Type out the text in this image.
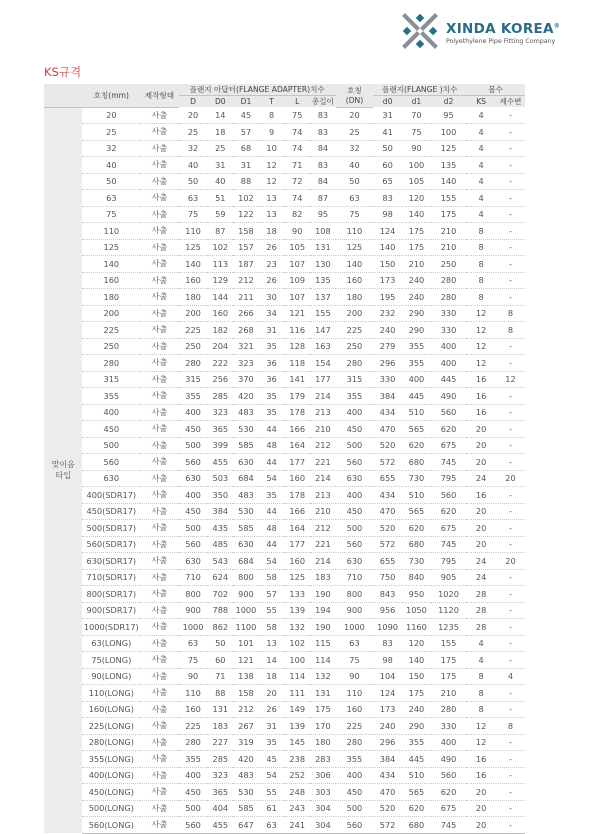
XINDA KOREA®
Polyethylene Pipe Fitting Company
KS규격
	호칭(mm)	제작형태	플랜지 아답터(FLANGE ADAPTER)치수						호칭
(DN)	플랜지(FLANGE )치수			볼수	
			D	D0	D1	T	L	총길이		d0	d1	d2	KS	제수변
맞이음
타입	20	사출	20	14	45	8	75	83	20	31	70	95	4	-
	25	사출	25	18	57	9	74	83	25	41	75	100	4	-
	32	사출	32	25	68	10	74	84	32	50	90	125	4	-
	40	사출	40	31	31	12	71	83	40	60	100	135	4	-
	50	사출	50	40	88	12	72	84	50	65	105	140	4	-
	63	사출	63	51	102	13	74	87	63	83	120	155	4	-
	75	사출	75	59	122	13	82	95	75	98	140	175	4	-
	110	사출	110	87	158	18	90	108	110	124	175	210	8	-
	125	사출	125	102	157	26	105	131	125	140	175	210	8	-
	140	사출	140	113	187	23	107	130	140	150	210	250	8	-
	160	사출	160	129	212	26	109	135	160	173	240	280	8	-
	180	사출	180	144	211	30	107	137	180	195	240	280	8	-
	200	사출	200	160	266	34	121	155	200	232	290	330	12	8
	225	사출	225	182	268	31	116	147	225	240	290	330	12	8
	250	사출	250	204	321	35	128	163	250	279	355	400	12	-
	280	사출	280	222	323	36	118	154	280	296	355	400	12	-
	315	사출	315	256	370	36	141	177	315	330	400	445	16	12
	355	사출	355	285	420	35	179	214	355	384	445	490	16	-
	400	사출	400	323	483	35	178	213	400	434	510	560	16	-
	450	사출	450	365	530	44	166	210	450	470	565	620	20	-
	500	사출	500	399	585	48	164	212	500	520	620	675	20	-
	560	사출	560	455	630	44	177	221	560	572	680	745	20	-
	630	사출	630	503	684	54	160	214	630	655	730	795	24	20
	400(SDR17)	사출	400	350	483	35	178	213	400	434	510	560	16	-
	450(SDR17)	사출	450	384	530	44	166	210	450	470	565	620	20	-
	500(SDR17)	사출	500	435	585	48	164	212	500	520	620	675	20	-
	560(SDR17)	사출	560	485	630	44	177	221	560	572	680	745	20	-
	630(SDR17)	사출	630	543	684	54	160	214	630	655	730	795	24	20
	710(SDR17)	사출	710	624	800	58	125	183	710	750	840	905	24	-
	800(SDR17)	사출	800	702	900	57	133	190	800	843	950	1020	28	-
	900(SDR17)	사출	900	788	1000	55	139	194	900	956	1050	1120	28	-
	1000(SDR17)	사출	1000	862	1100	58	132	190	1000	1090	1160	1235	28	-
	63(LONG)	사출	63	50	101	13	102	115	63	83	120	155	4	-
	75(LONG)	사출	75	60	121	14	100	114	75	98	140	175	4	-
	90(LONG)	사출	90	71	138	18	114	132	90	104	150	175	8	4
	110(LONG)	사출	110	88	158	20	111	131	110	124	175	210	8	-
	160(LONG)	사출	160	131	212	26	149	175	160	173	240	280	8	-
	225(LONG)	사출	225	183	267	31	139	170	225	240	290	330	12	8
	280(LONG)	사출	280	227	319	35	145	180	280	296	355	400	12	-
	355(LONG)	사출	355	285	420	45	238	283	355	384	445	490	16	-
	400(LONG)	사출	400	323	483	54	252	306	400	434	510	560	16	-
	450(LONG)	사출	450	365	530	55	248	303	450	470	565	620	20	-
	500(LONG)	사출	500	404	585	61	243	304	500	520	620	675	20	-
	560(LONG)	사출	560	455	647	63	241	304	560	572	680	745	20	-
